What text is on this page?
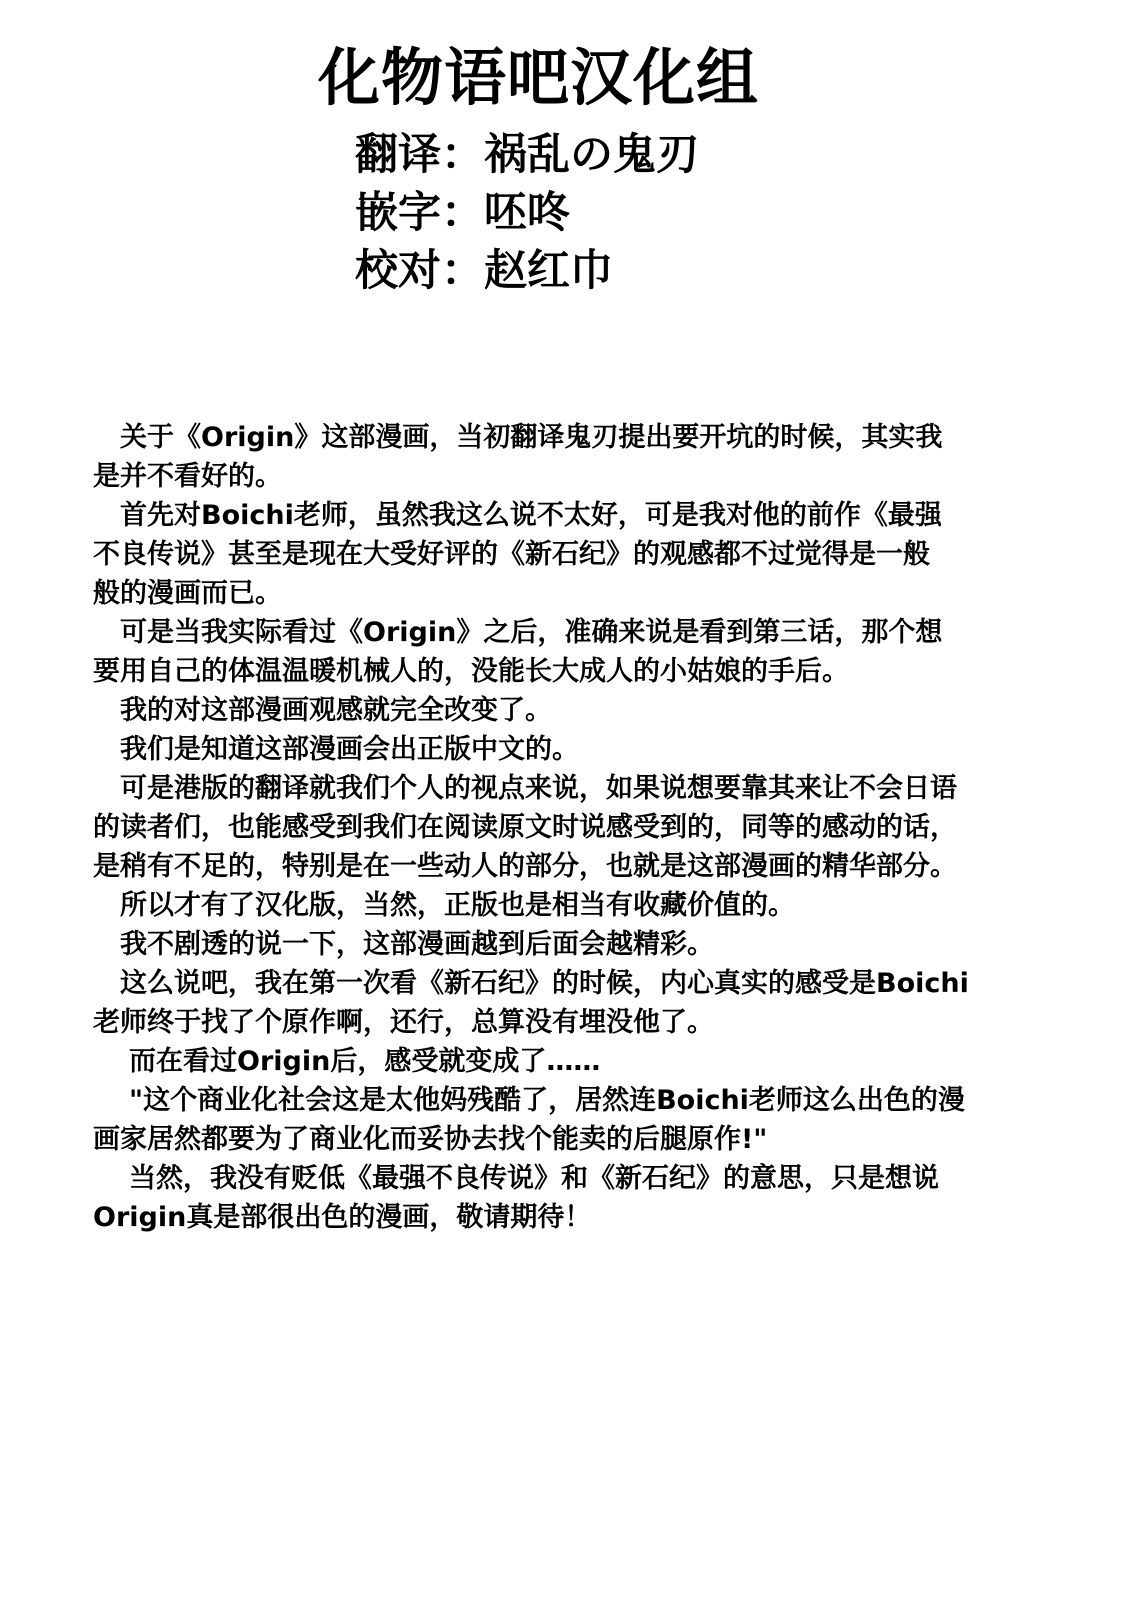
化物语吧汉化组
翻译：祸乱の鬼刃
嵌字：呸咚
校对：赵红巾

关于《Origin》这部漫画，当初翻译鬼刃提出要开坑的时候，其实我

是并不看好的。

首先对Boichi老师，虽然我这么说不太好，可是我对他的前作《最强

不良传说》甚至是现在大受好评的《新石纪》的观感都不过觉得是一般

般的漫画而已。

可是当我实际看过《Origin》之后，准确来说是看到第三话，那个想

要用自己的体温温暖机械人的，没能长大成人的小姑娘的手后。

我的对这部漫画观感就完全改变了。

我们是知道这部漫画会出正版中文的。

可是港版的翻译就我们个人的视点来说，如果说想要靠其来让不会日语

的读者们，也能感受到我们在阅读原文时说感受到的，同等的感动的话，

是稍有不足的，特别是在一些动人的部分，也就是这部漫画的精华部分。

所以才有了汉化版，当然，正版也是相当有收藏价值的。

我不剧透的说一下，这部漫画越到后面会越精彩。

这么说吧，我在第一次看《新石纪》的时候，内心真实的感受是Boichi

老师终于找了个原作啊，还行，总算没有埋没他了。

而在看过Origin后，感受就变成了……

"这个商业化社会这是太他妈残酷了，居然连Boichi老师这么出色的漫

画家居然都要为了商业化而妥协去找个能卖的后腿原作!"

当然，我没有贬低《最强不良传说》和《新石纪》的意思，只是想说

Origin真是部很出色的漫画，敬请期待！
